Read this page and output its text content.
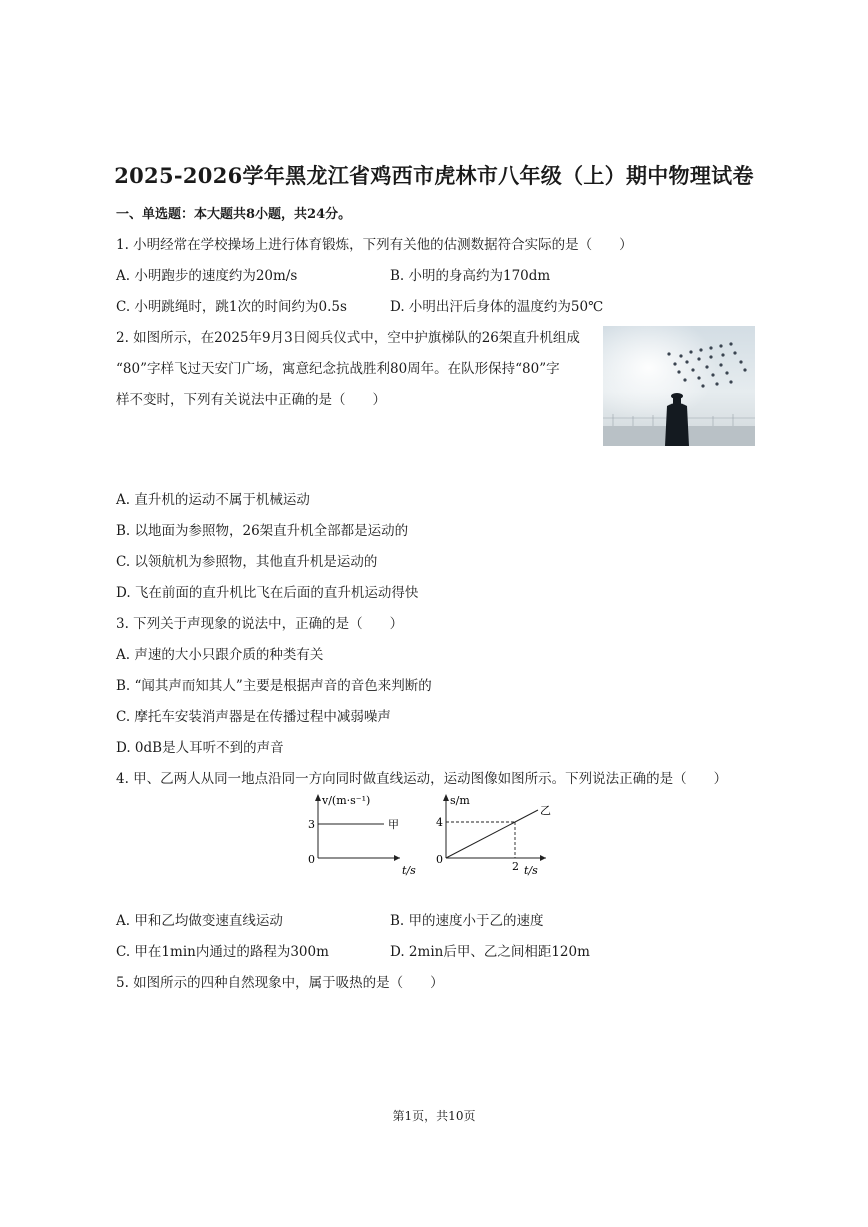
2025-2026学年黑龙江省鸡西市虎林市八年级（上）期中物理试卷
一、单选题：本大题共8小题，共24分。
1. 小明经常在学校操场上进行体育锻炼，下列有关他的估测数据符合实际的是（　　）
A. 小明跑步的速度约为20m/s	B. 小明的身高约为170dm
C. 小明跳绳时，跳1次的时间约为0.5s	D. 小明出汗后身体的温度约为50℃
2. 如图所示，在2025年9月3日阅兵仪式中，空中护旗梯队的26架直升机组成
“80”字样飞过天安门广场，寓意纪念抗战胜利80周年。在队形保持“80”字
样不变时，下列有关说法中正确的是（　　）
A. 直升机的运动不属于机械运动
B. 以地面为参照物，26架直升机全部都是运动的
C. 以领航机为参照物，其他直升机是运动的
D. 飞在前面的直升机比飞在后面的直升机运动得快
3. 下列关于声现象的说法中，正确的是（　　）
A. 声速的大小只跟介质的种类有关
B. “闻其声而知其人”主要是根据声音的音色来判断的
C. 摩托车安装消声器是在传播过程中减弱噪声
D. 0dB是人耳听不到的声音
4. 甲、乙两人从同一地点沿同一方向同时做直线运动，运动图像如图所示。下列说法正确的是（　　）
v/(m·s⁻¹)
0
t/s
3	甲
s/m
0
t/s
4
2
乙
A. 甲和乙均做变速直线运动	B. 甲的速度小于乙的速度
C. 甲在1min内通过的路程为300m	D. 2min后甲、乙之间相距120m
5. 如图所示的四种自然现象中，属于吸热的是（　　）
第1页，共10页
